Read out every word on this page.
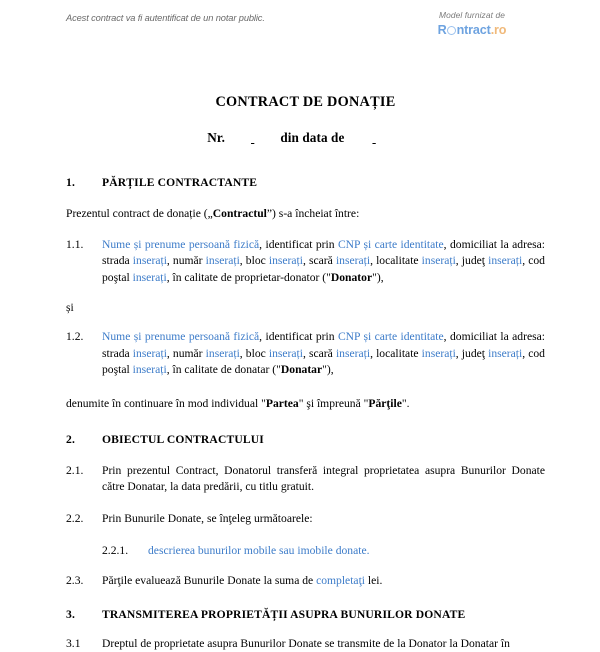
Acest contract va fi autentificat de un notar public.	Model furnizat de
R ntract .ro
CONTRACT DE DONAȚIE
Nr.	din data de
1.	PĂRȚILE CONTRACTANTE
Prezentul contract de donație („Contractul”) s-a încheiat între:
1.1.	Nume și prenume persoană fizică, identificat prin CNP și carte identitate, domiciliat la adresa: strada inserați, număr inserați, bloc inserați, scară inserați, localitate inserați, judeţ inserați, cod poştal inserați, în calitate de proprietar-donator ("Donator"),
și
1.2.	Nume și prenume persoană fizică, identificat prin CNP și carte identitate, domiciliat la adresa: strada inserați, număr inserați, bloc inserați, scară inserați, localitate inserați, judeţ inserați, cod poştal inserați, în calitate de donatar ("Donatar"),
denumite în continuare în mod individual "Partea" şi împreună "Părţile".
2.	OBIECTUL CONTRACTULUI
2.1.	Prin prezentul Contract, Donatorul transferă integral proprietatea asupra Bunurilor Donate către Donatar, la data predării, cu titlu gratuit.
2.2.	Prin Bunurile Donate, se înţeleg următoarele:
2.2.1.	descrierea bunurilor mobile sau imobile donate.
2.3.	Părţile evaluează Bunurile Donate la suma de completaţi lei.
3.	TRANSMITEREA PROPRIETĂȚII ASUPRA BUNURILOR DONATE
3.1	Dreptul de proprietate asupra Bunurilor Donate se transmite de la Donator la Donatar în
